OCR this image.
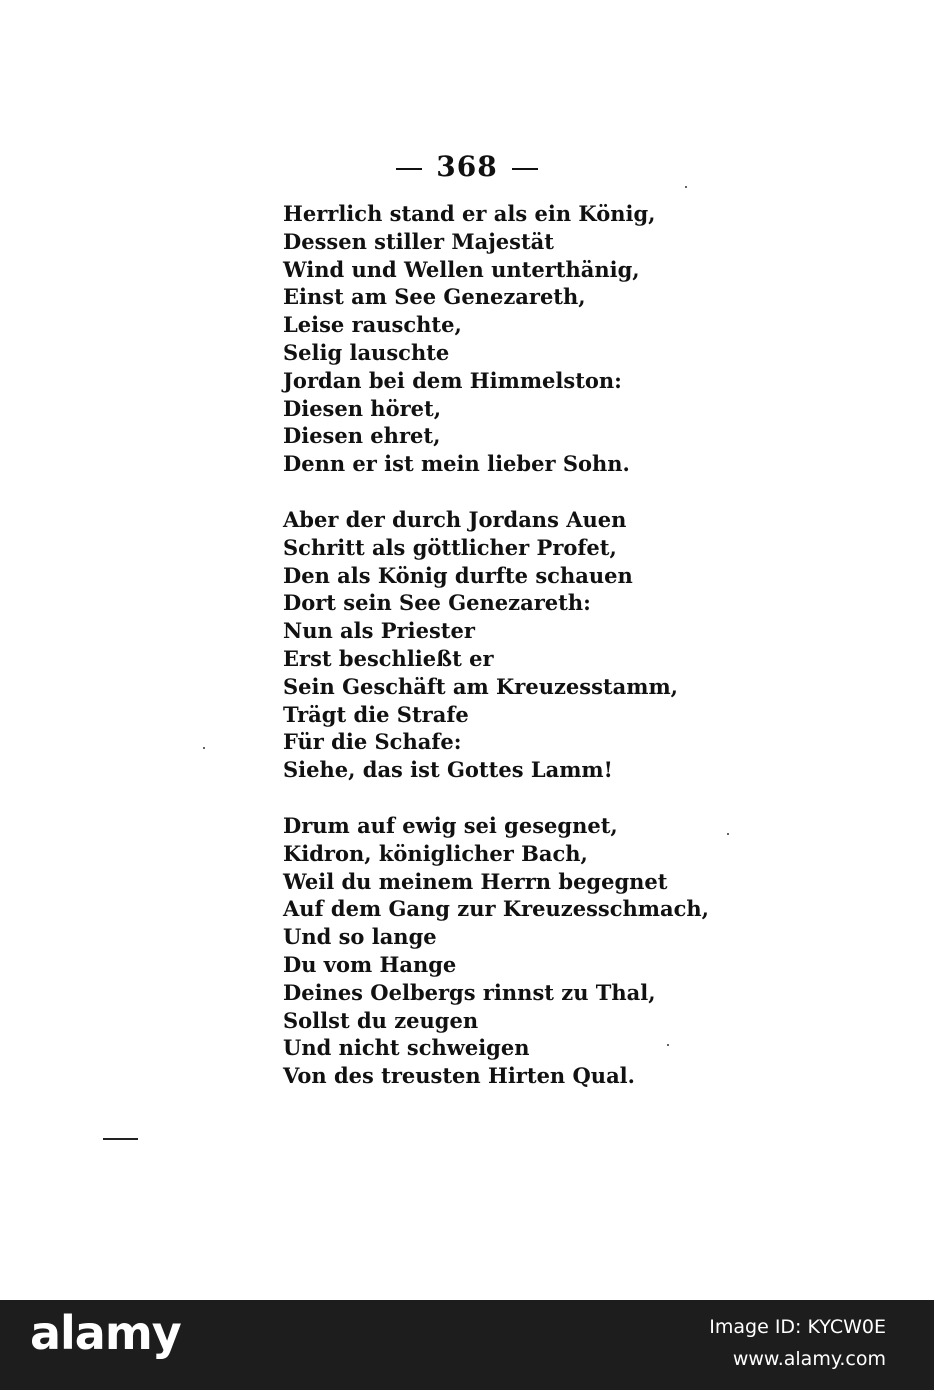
368
Herrlich stand er als ein König,
Dessen stiller Majestät
Wind und Wellen unterthänig,
Einst am See Genezareth,
Leise rauschte,
Selig lauschte
Jordan bei dem Himmelston:
Diesen höret,
Diesen ehret,
Denn er ist mein lieber Sohn.
Aber der durch Jordans Auen
Schritt als göttlicher Profet,
Den als König durfte schauen
Dort sein See Genezareth:
Nun als Priester
Erst beschließt er
Sein Geschäft am Kreuzesstamm,
Trägt die Strafe
Für die Schafe:
Siehe, das ist Gottes Lamm!
Drum auf ewig sei gesegnet,
Kidron, königlicher Bach,
Weil du meinem Herrn begegnet
Auf dem Gang zur Kreuzesschmach,
Und so lange
Du vom Hange
Deines Oelbergs rinnst zu Thal,
Sollst du zeugen
Und nicht schweigen
Von des treusten Hirten Qual.
alamy	Image ID: KYCW0E
www.alamy.com
